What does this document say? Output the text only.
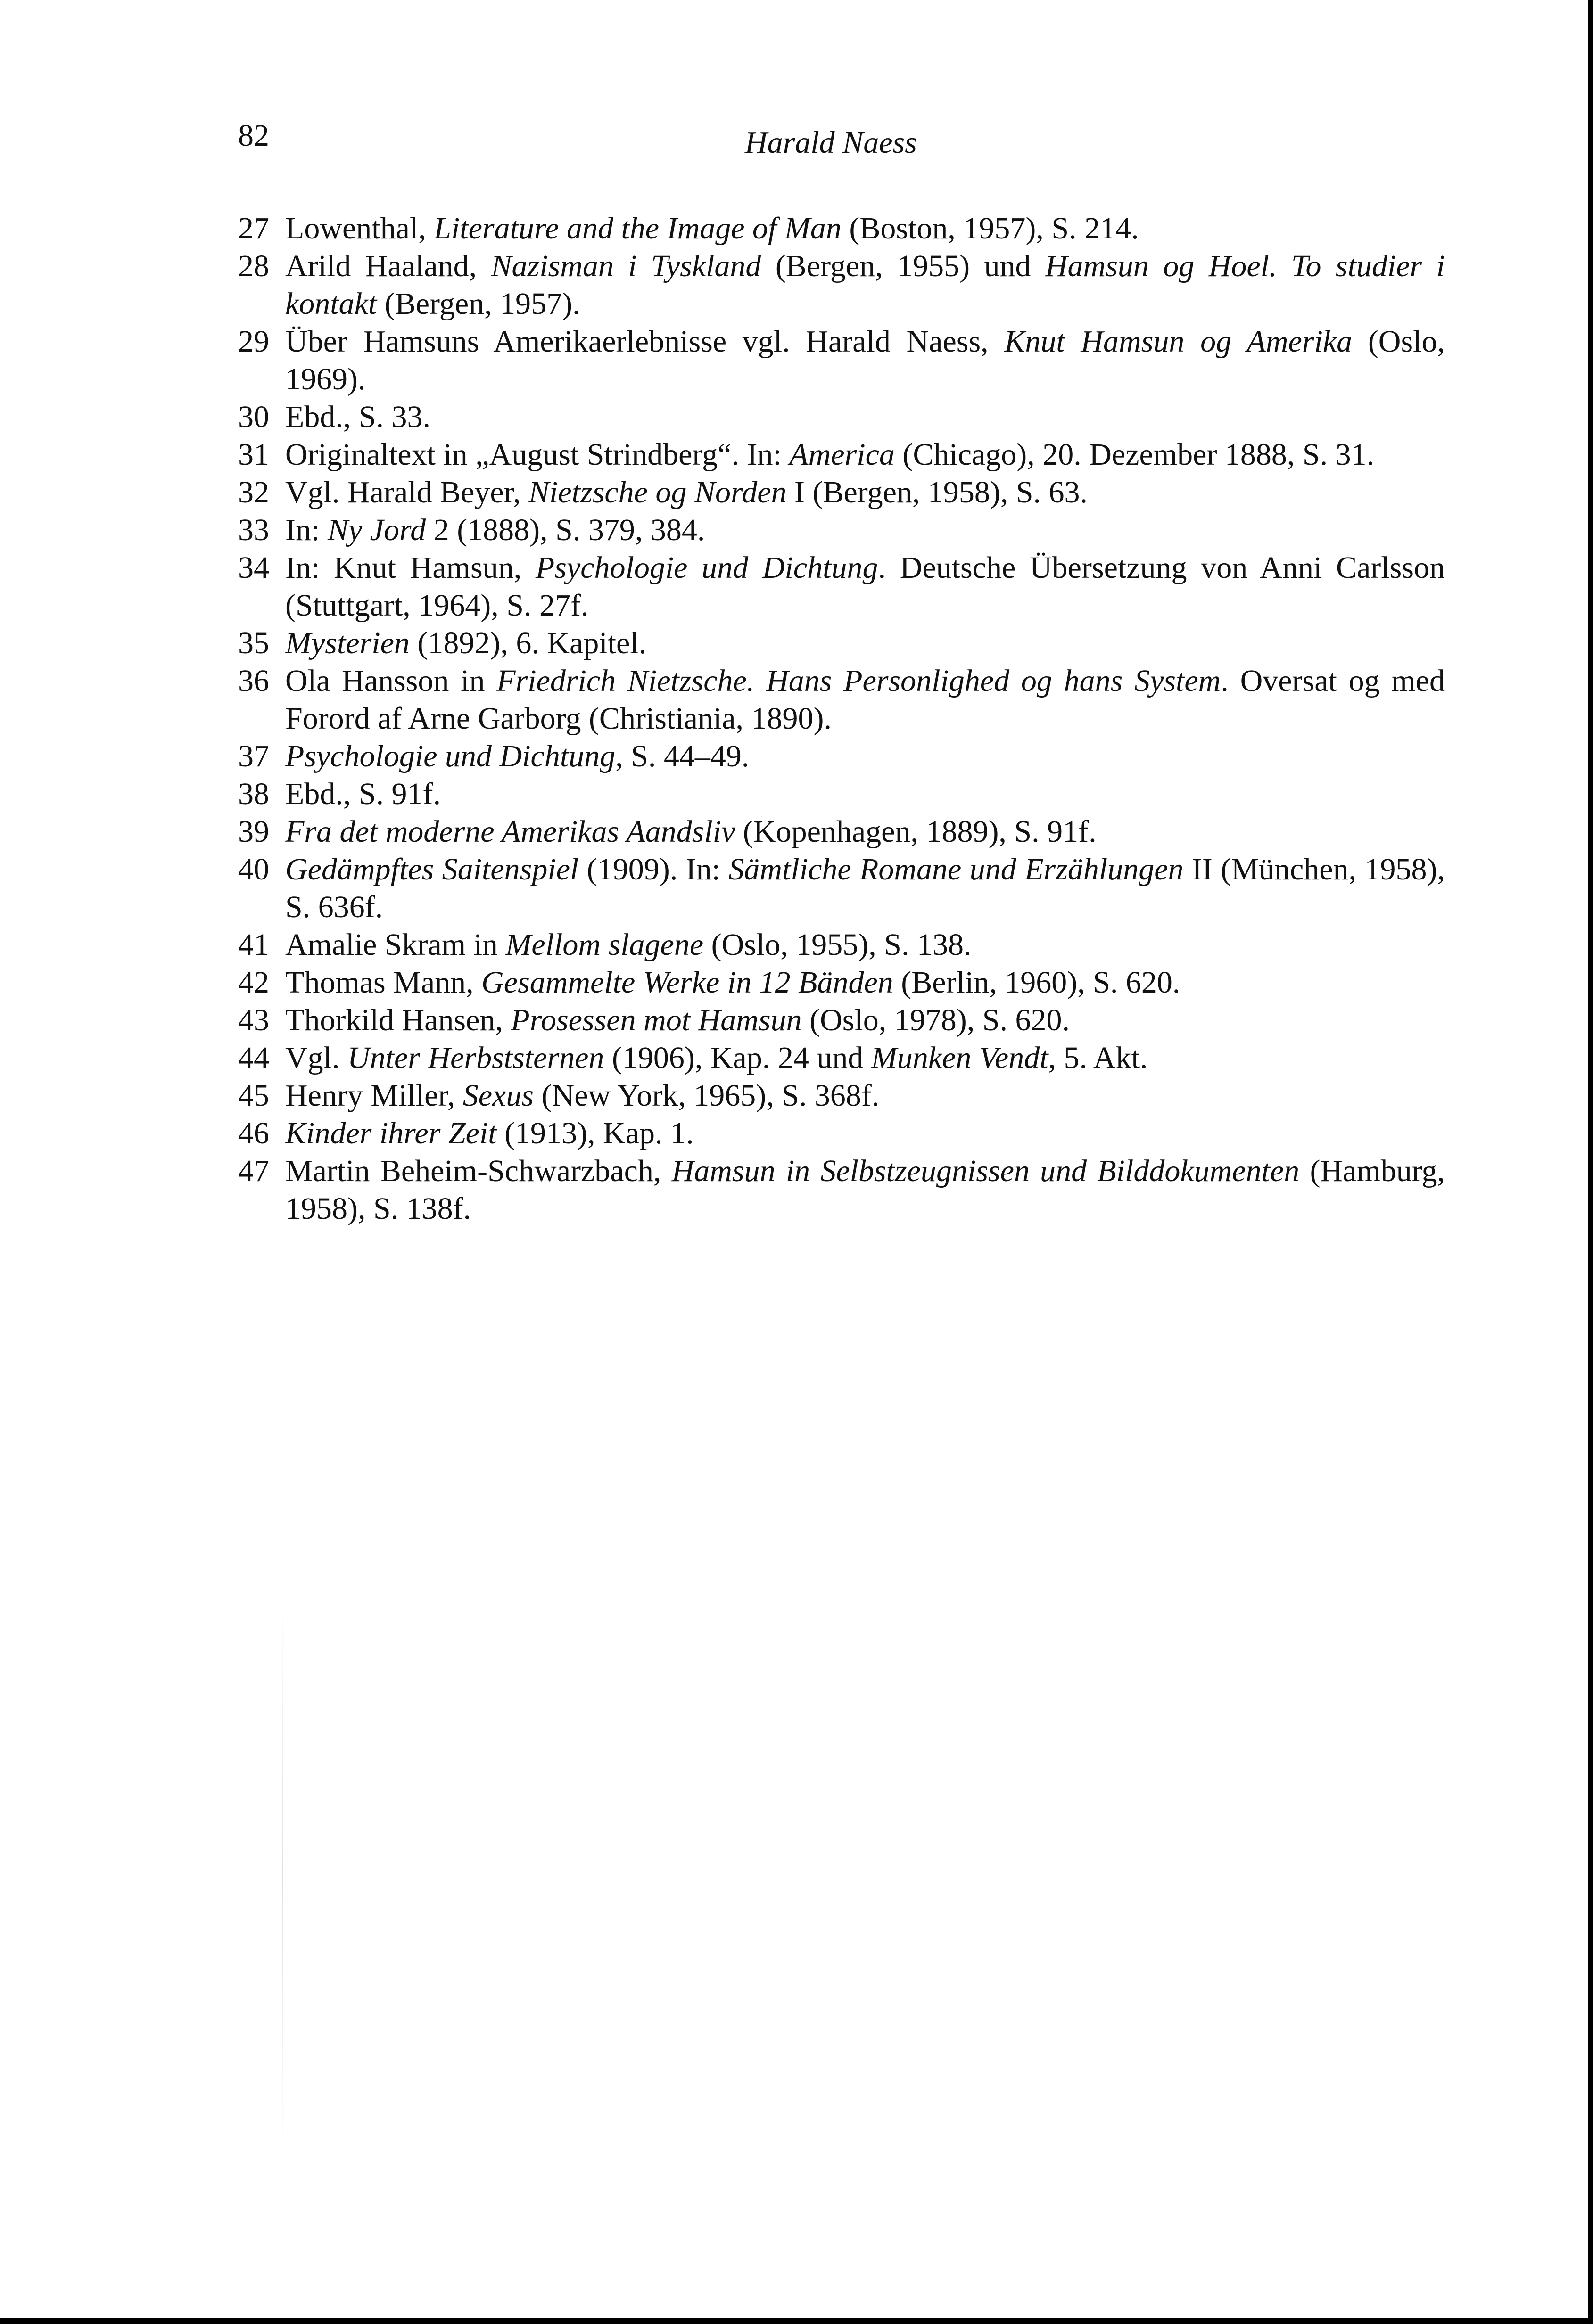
82	Harald Naess
27 Lowenthal, Literature and the Image of Man (Boston, 1957), S. 214.
28 Arild Haaland, Nazisman i Tyskland (Bergen, 1955) und Hamsun og Hoel. To studier i kontakt (Bergen, 1957).
29 Über Hamsuns Amerikaerlebnisse vgl. Harald Naess, Knut Hamsun og Amerika (Oslo, 1969).
30 Ebd., S. 33.
31 Originaltext in „August Strindberg“. In: America (Chicago), 20. Dezember 1888, S. 31.
32 Vgl. Harald Beyer, Nietzsche og Norden I (Bergen, 1958), S. 63.
33 In: Ny Jord 2 (1888), S. 379, 384.
34 In: Knut Hamsun, Psychologie und Dichtung. Deutsche Übersetzung von Anni Carlsson (Stuttgart, 1964), S. 27f.
35 Mysterien (1892), 6. Kapitel.
36 Ola Hansson in Friedrich Nietzsche. Hans Personlighed og hans System. Oversat og med Forord af Arne Garborg (Christiania, 1890).
37 Psychologie und Dichtung, S. 44–49.
38 Ebd., S. 91f.
39 Fra det moderne Amerikas Aandsliv (Kopenhagen, 1889), S. 91f.
40 Gedämpftes Saitenspiel (1909). In: Sämtliche Romane und Erzählungen II (München, 1958), S. 636f.
41 Amalie Skram in Mellom slagene (Oslo, 1955), S. 138.
42 Thomas Mann, Gesammelte Werke in 12 Bänden (Berlin, 1960), S. 620.
43 Thorkild Hansen, Prosessen mot Hamsun (Oslo, 1978), S. 620.
44 Vgl. Unter Herbststernen (1906), Kap. 24 und Munken Vendt, 5. Akt.
45 Henry Miller, Sexus (New York, 1965), S. 368f.
46 Kinder ihrer Zeit (1913), Kap. 1.
47 Martin Beheim-Schwarzbach, Hamsun in Selbstzeugnissen und Bilddokumenten (Hamburg, 1958), S. 138f.
